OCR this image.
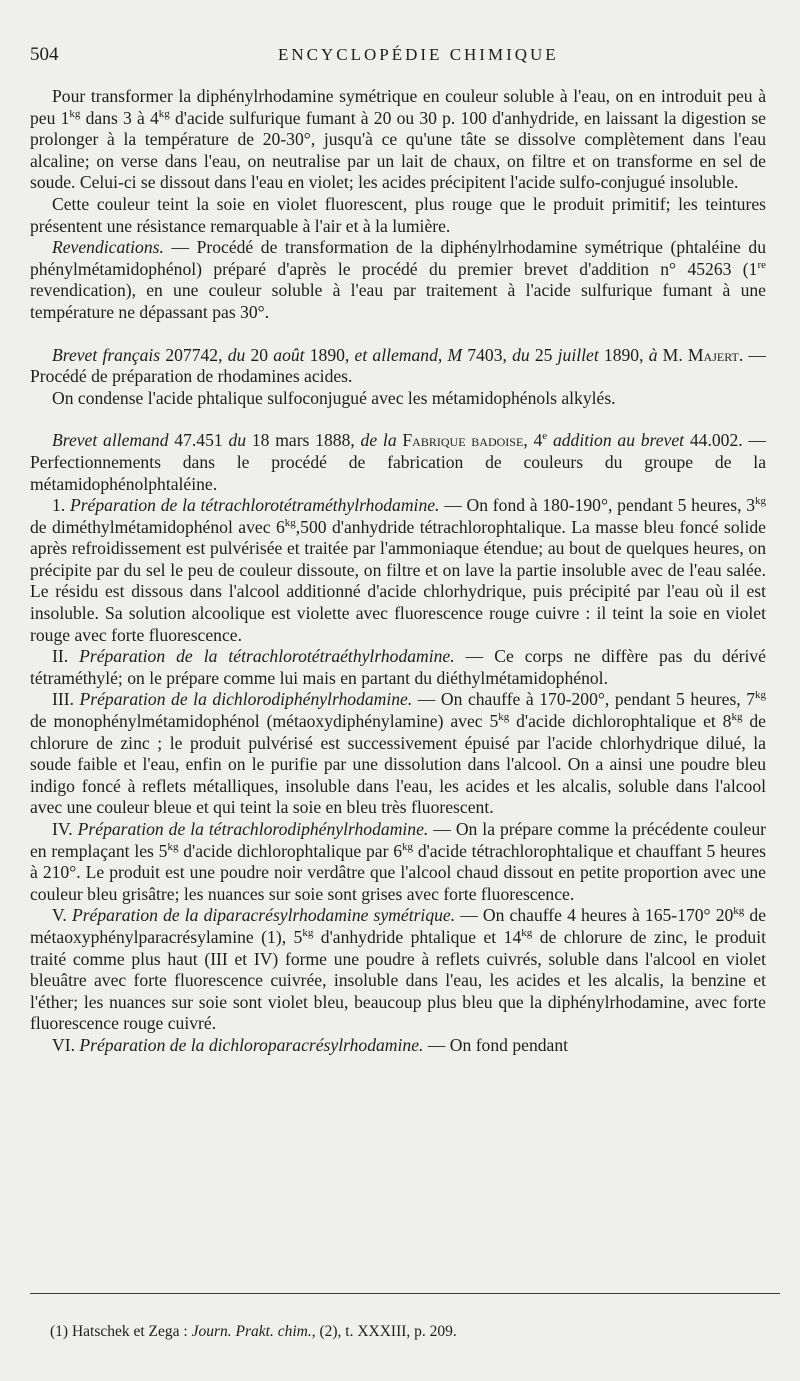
504	ENCYCLOPÉDIE CHIMIQUE

Pour transformer la diphénylrhodamine symétrique en couleur soluble à l'eau, on en introduit peu à peu $1^{kg}$ dans 3 à $4^{kg}$ d'acide sulfurique fumant à 20 ou 30 p. 100 d'anhydride, en laissant la digestion se prolonger à la température de 20-30°, jusqu'à ce qu'une tâte se dissolve complètement dans l'eau alcaline; on verse dans l'eau, on neutralise par un lait de chaux, on filtre et on transforme en sel de soude. Celui-ci se dissout dans l'eau en violet; les acides précipitent l'acide sulfo-conjugué insoluble.

Cette couleur teint la soie en violet fluorescent, plus rouge que le produit primitif; les teintures présentent une résistance remarquable à l'air et à la lumière.

Revendications. — Procédé de transformation de la diphénylrhodamine symétrique (phtaléine du phénylmétamidophénol) préparé d'après le procédé du premier brevet d'addition n° 45263 (1re revendication), en une couleur soluble à l'eau par traitement à l'acide sulfurique fumant à une température ne dépassant pas 30°.

Brevet français 207742, du 20 août 1890, et allemand, M 7403, du 25 juillet 1890, à M. Majert. — Procédé de préparation de rhodamines acides.

On condense l'acide phtalique sulfoconjugué avec les métamidophénols alkylés.

Brevet allemand 47.451 du 18 mars 1888, de la Fabrique badoise, 4e addition au brevet 44.002. — Perfectionnements dans le procédé de fabrication de couleurs du groupe de la métamidophénolphtaléine.

1. Préparation de la tétrachlorotétraméthylrhodamine. — On fond à 180-190°, pendant 5 heures, $3^{kg}$ de diméthylmétamidophénol avec $6^{kg},500$ d'anhydride tétrachlorophtalique. La masse bleu foncé solide après refroidissement est pulvérisée et traitée par l'ammoniaque étendue; au bout de quelques heures, on précipite par du sel le peu de couleur dissoute, on filtre et on lave la partie insoluble avec de l'eau salée. Le résidu est dissous dans l'alcool additionné d'acide chlorhydrique, puis précipité par l'eau où il est insoluble. Sa solution alcoolique est violette avec fluorescence rouge cuivre : il teint la soie en violet rouge avec forte fluorescence.

II. Préparation de la tétrachlorotétraéthylrhodamine. — Ce corps ne diffère pas du dérivé tétraméthylé; on le prépare comme lui mais en partant du diéthylmétamidophénol.

III. Préparation de la dichlorodiphénylrhodamine. — On chauffe à 170-200°, pendant 5 heures, $7^{kg}$ de monophénylmétamidophénol (métaoxydiphénylamine) avec $5^{kg}$ d'acide dichlorophtalique et $8^{kg}$ de chlorure de zinc ; le produit pulvérisé est successivement épuisé par l'acide chlorhydrique dilué, la soude faible et l'eau, enfin on le purifie par une dissolution dans l'alcool. On a ainsi une poudre bleu indigo foncé à reflets métalliques, insoluble dans l'eau, les acides et les alcalis, soluble dans l'alcool avec une couleur bleue et qui teint la soie en bleu très fluorescent.

IV. Préparation de la tétrachlorodiphénylrhodamine. — On la prépare comme la précédente couleur en remplaçant les $5^{kg}$ d'acide dichlorophtalique par $6^{kg}$ d'acide tétrachlorophtalique et chauffant 5 heures à 210°. Le produit est une poudre noir verdâtre que l'alcool chaud dissout en petite proportion avec une couleur bleu grisâtre; les nuances sur soie sont grises avec forte fluorescence.

V. Préparation de la diparacrésylrhodamine symétrique. — On chauffe 4 heures à 165-170° $20^{kg}$ de métaoxyphénylparacrésylamine (1), $5^{kg}$ d'anhydride phtalique et $14^{kg}$ de chlorure de zinc, le produit traité comme plus haut (III et IV) forme une poudre à reflets cuivrés, soluble dans l'alcool en violet bleuâtre avec forte fluorescence cuivrée, insoluble dans l'eau, les acides et les alcalis, la benzine et l'éther; les nuances sur soie sont violet bleu, beaucoup plus bleu que la diphénylrhodamine, avec forte fluorescence rouge cuivré.

VI. Préparation de la dichloroparacrésylrhodamine. — On fond pendant

(1) Hatschek et Zega : Journ. Prakt. chim., (2), t. XXXIII, p. 209.
